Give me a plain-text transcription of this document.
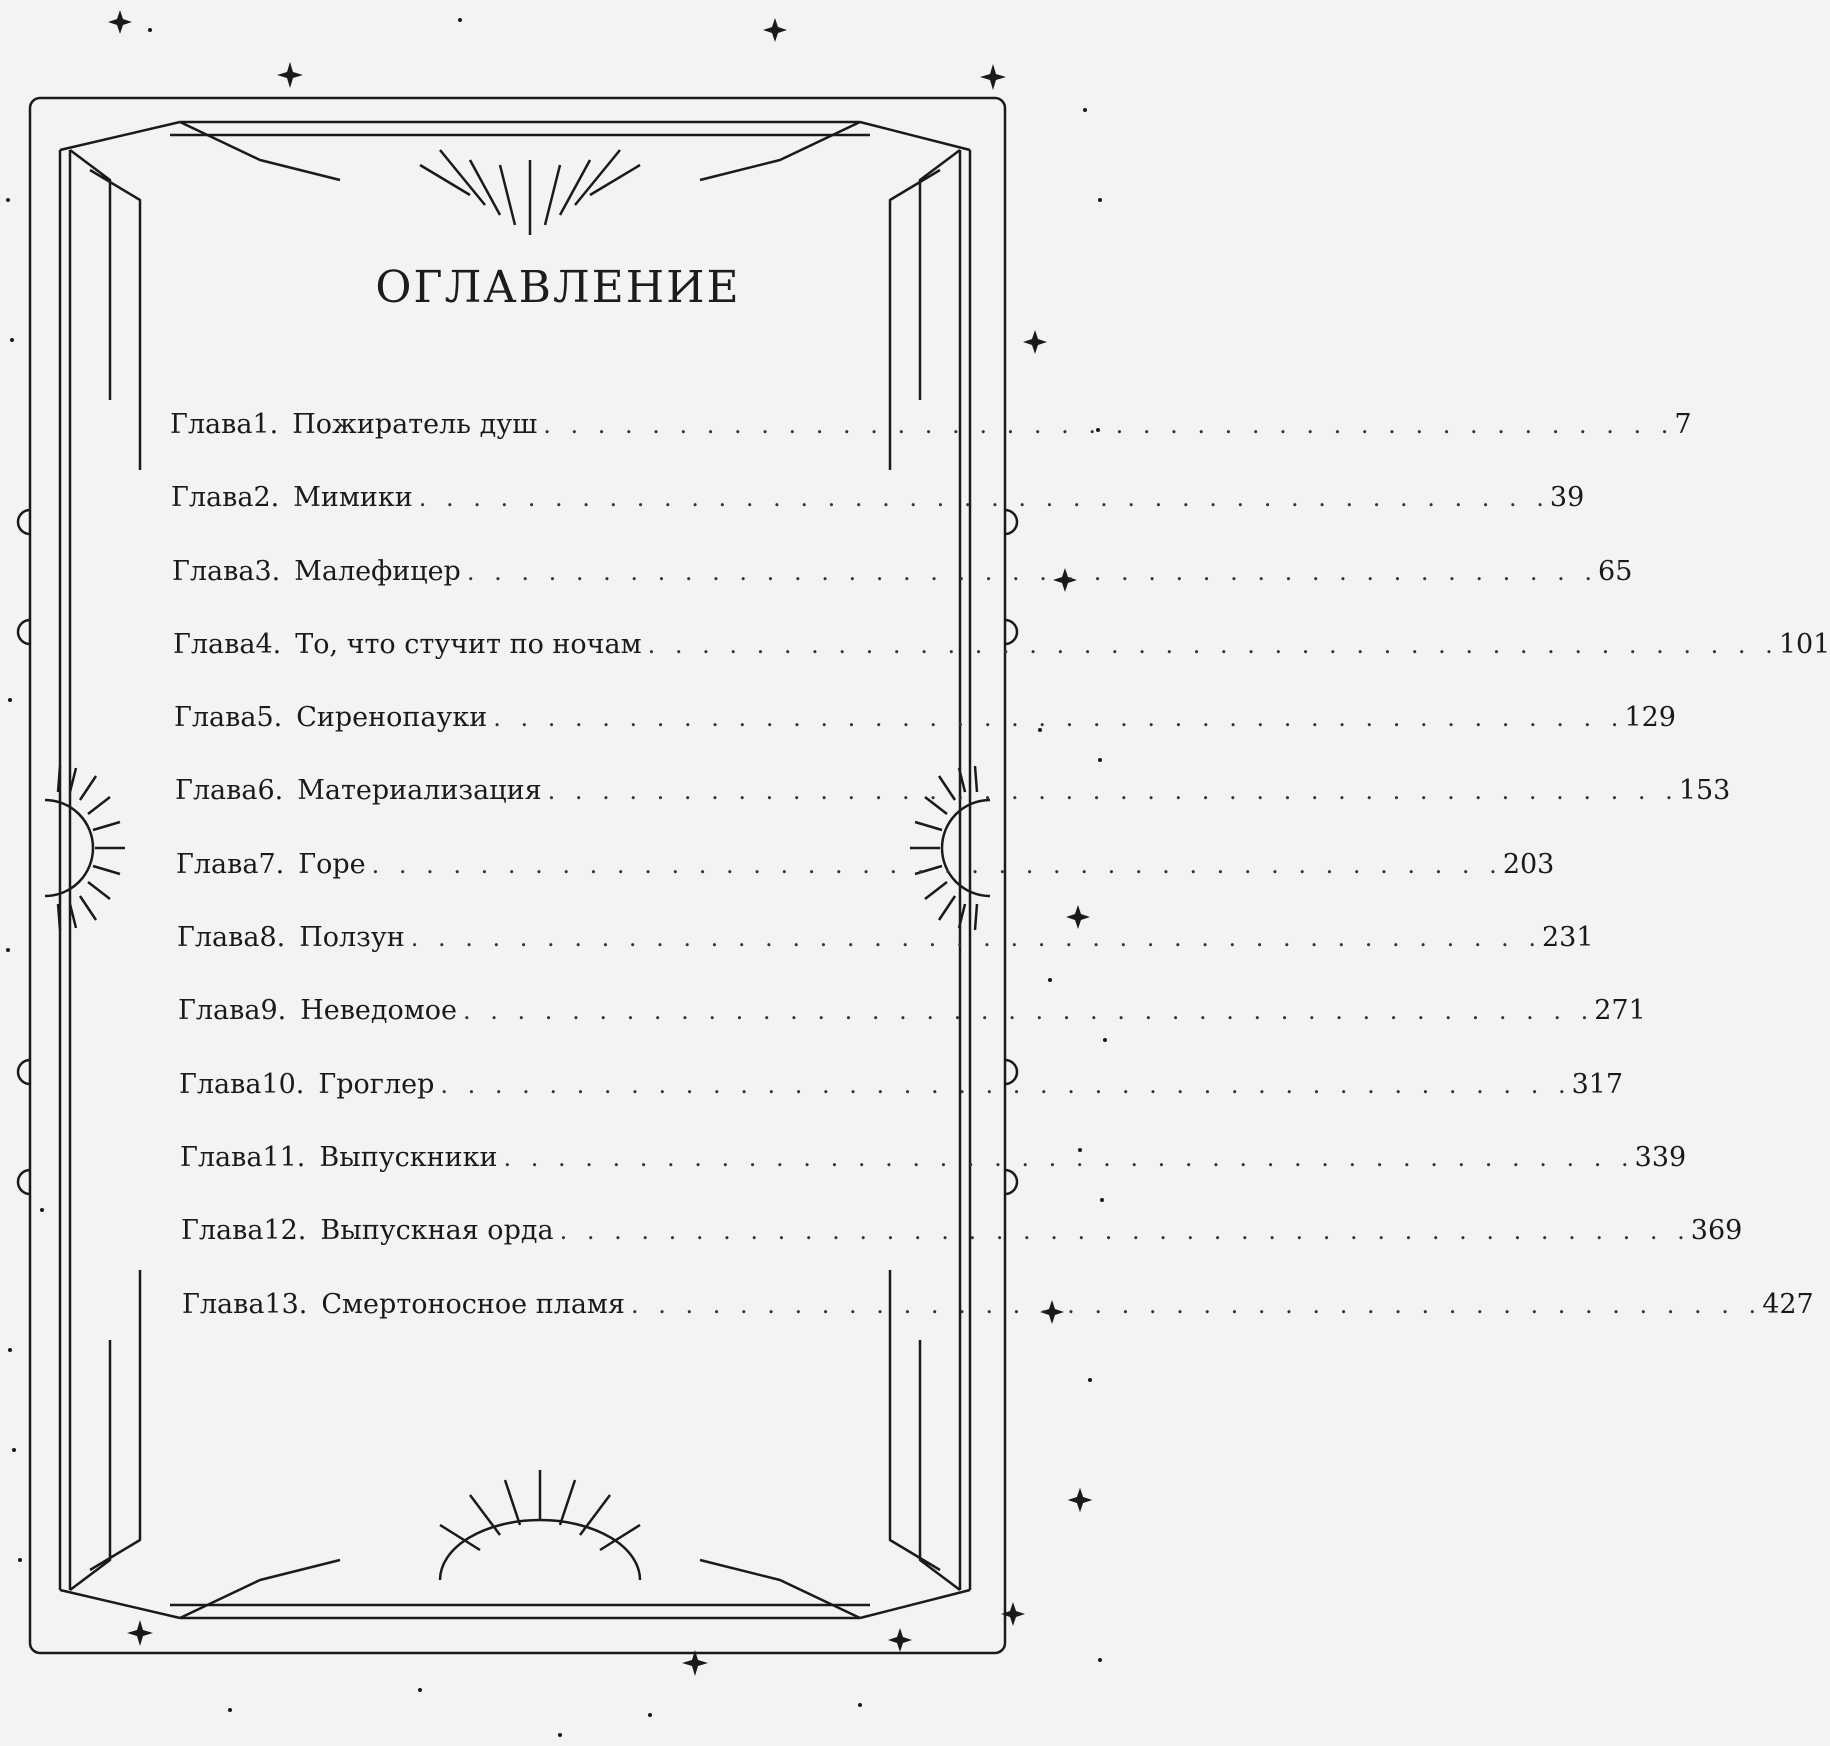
ОГЛАВЛЕНИЕ
Глава 1. Пожиратель душ . . . . . . . . . . . . . . . . . . . . . . . . . . . . . . . . . . . . . . . . . . 7
Глава 2. Мимики . . . . . . . . . . . . . . . . . . . . . . . . . . . . . . . . . . . . . . . . . . 39
Глава 3. Малефицер . . . . . . . . . . . . . . . . . . . . . . . . . . . . . . . . . . . . . . . . . . 65
Глава 4. То, что стучит по ночам . . . . . . . . . . . . . . . . . . . . . . . . . . . . . . . . . . . . . . . . . . 101
Глава 5. Сиренопауки . . . . . . . . . . . . . . . . . . . . . . . . . . . . . . . . . . . . . . . . . . 129
Глава 6. Материализация . . . . . . . . . . . . . . . . . . . . . . . . . . . . . . . . . . . . . . . . . . 153
Глава 7. Горе . . . . . . . . . . . . . . . . . . . . . . . . . . . . . . . . . . . . . . . . . . 203
Глава 8. Ползун . . . . . . . . . . . . . . . . . . . . . . . . . . . . . . . . . . . . . . . . . . 231
Глава 9. Неведомое . . . . . . . . . . . . . . . . . . . . . . . . . . . . . . . . . . . . . . . . . . 271
Глава 10. Гроглер . . . . . . . . . . . . . . . . . . . . . . . . . . . . . . . . . . . . . . . . . . 317
Глава 11. Выпускники . . . . . . . . . . . . . . . . . . . . . . . . . . . . . . . . . . . . . . . . . . 339
Глава 12. Выпускная орда . . . . . . . . . . . . . . . . . . . . . . . . . . . . . . . . . . . . . . . . . . 369
Глава 13. Смертоносное пламя . . . . . . . . . . . . . . . . . . . . . . . . . . . . . . . . . . . . . . . . . . 427
